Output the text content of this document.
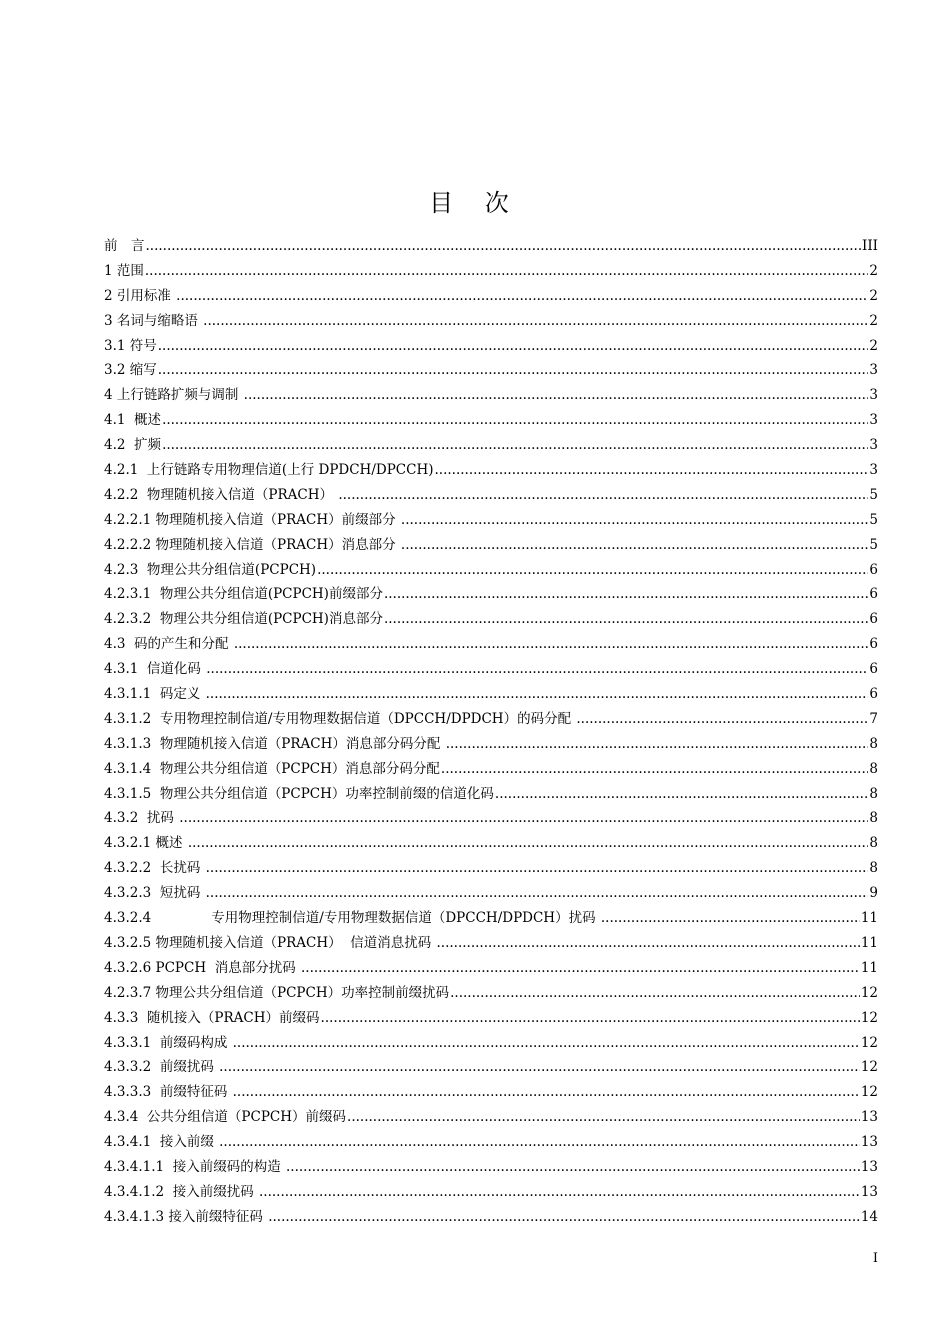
目 次
前　言 .....	III
1 范围 .....	2
2 引用标准 .....	2
3 名词与缩略语 .....	2
3.1 符号 .....	2
3.2 缩写 .....	3
4 上行链路扩频与调制 .....	3
4.1  概述 .....	3
4.2  扩频 .....	3
4.2.1  上行链路专用物理信道(上行 DPDCH/DPCCH) .....	3
4.2.2  物理随机接入信道（PRACH） .....	5
4.2.2.1 物理随机接入信道（PRACH）前缀部分 .....	5
4.2.2.2 物理随机接入信道（PRACH）消息部分 .....	5
4.2.3  物理公共分组信道(PCPCH) .....	6
4.2.3.1  物理公共分组信道(PCPCH)前缀部分 .....	6
4.2.3.2  物理公共分组信道(PCPCH)消息部分 .....	6
4.3  码的产生和分配 .....	6
4.3.1  信道化码 .....	6
4.3.1.1  码定义 .....	6
4.3.1.2  专用物理控制信道/专用物理数据信道（DPCCH/DPDCH）的码分配 .....	7
4.3.1.3  物理随机接入信道（PRACH）消息部分码分配 .....	8
4.3.1.4  物理公共分组信道（PCPCH）消息部分码分配 .....	8
4.3.1.5  物理公共分组信道（PCPCH）功率控制前缀的信道化码 .....	8
4.3.2  扰码 .....	8
4.3.2.1 概述 .....	8
4.3.2.2  长扰码 .....	8
4.3.2.3  短扰码 .....	9
4.3.2.4              专用物理控制信道/专用物理数据信道（DPCCH/DPDCH）扰码 .....	11
4.3.2.5 物理随机接入信道（PRACH）  信道消息扰码 .....	11
4.3.2.6 PCPCH  消息部分扰码 .....	11
4.2.3.7 物理公共分组信道（PCPCH）功率控制前缀扰码 .....	12
4.3.3  随机接入（PRACH）前缀码 .....	12
4.3.3.1  前缀码构成 .....	12
4.3.3.2  前缀扰码 .....	12
4.3.3.3  前缀特征码 .....	12
4.3.4  公共分组信道（PCPCH）前缀码 .....	13
4.3.4.1  接入前缀 .....	13
4.3.4.1.1  接入前缀码的构造 .....	13
4.3.4.1.2  接入前缀扰码 .....	13
4.3.4.1.3 接入前缀特征码 .....	14
I
